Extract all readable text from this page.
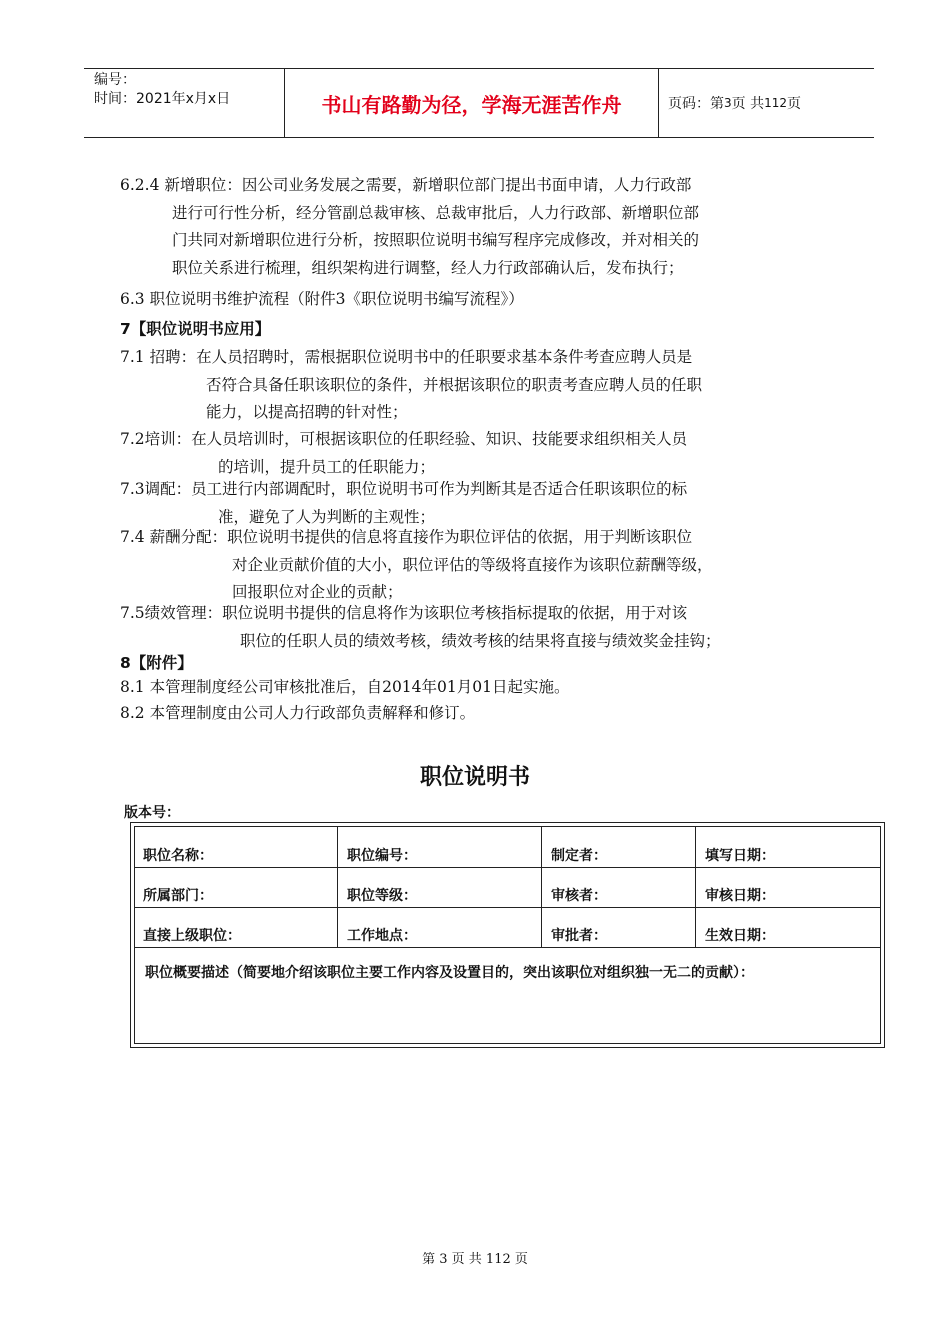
编号：
时间：2021年x月x日	书山有路勤为径，学海无涯苦作舟	页码：第 3 页 共 112 页
6.2.4 新增职位：因公司业务发展之需要，新增职位部门提出书面申请，人力行政部
进行可行性分析，经分管副总裁审核、总裁审批后，人力行政部、新增职位部
门共同对新增职位进行分析，按照职位说明书编写程序完成修改，并对相关的
职位关系进行梳理，组织架构进行调整，经人力行政部确认后，发布执行；
6.3 职位说明书维护流程（附件3《职位说明书编写流程》）
7【职位说明书应用】
7.1 招聘：在人员招聘时，需根据职位说明书中的任职要求基本条件考查应聘人员是
否符合具备任职该职位的条件，并根据该职位的职责考查应聘人员的任职
能力，以提高招聘的针对性；
7.2培训：在人员培训时，可根据该职位的任职经验、知识、技能要求组织相关人员
的培训，提升员工的任职能力；
7.3调配：员工进行内部调配时，职位说明书可作为判断其是否适合任职该职位的标
准，避免了人为判断的主观性；
7.4 薪酬分配：职位说明书提供的信息将直接作为职位评估的依据，用于判断该职位
对企业贡献价值的大小，职位评估的等级将直接作为该职位薪酬等级，
回报职位对企业的贡献；
7.5绩效管理：职位说明书提供的信息将作为该职位考核指标提取的依据，用于对该
职位的任职人员的绩效考核，绩效考核的结果将直接与绩效奖金挂钩；
8【附件】
8.1 本管理制度经公司审核批准后，自2014年01月01日起实施。
8.2 本管理制度由公司人力行政部负责解释和修订。
职位说明书
版本号：
职位名称：	职位编号：	制定者：	填写日期：
所属部门：	职位等级：	审核者：	审核日期：
直接上级职位：	工作地点：	审批者：	生效日期：
职位概要描述（简要地介绍该职位主要工作内容及设置目的，突出该职位对组织独一无二的贡献）：
第 3 页 共 112 页
